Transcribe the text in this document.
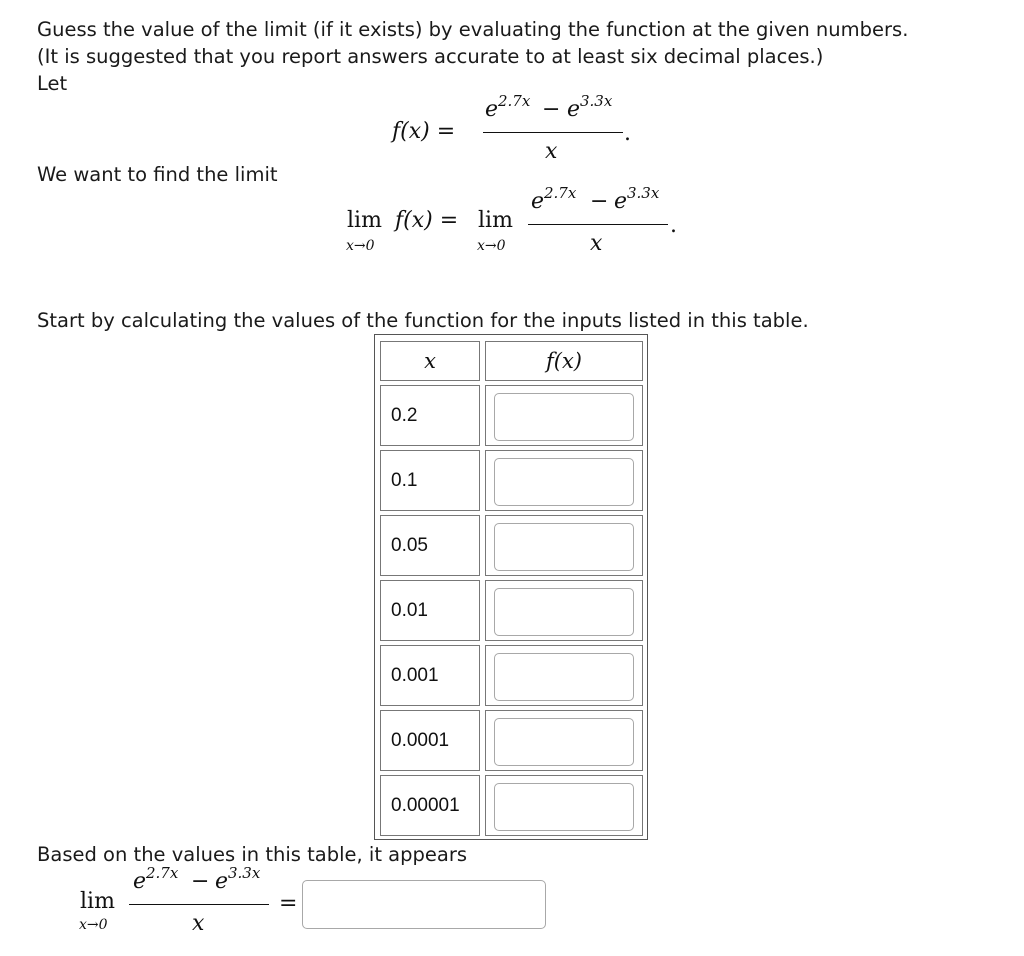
Guess the value of the limit (if it exists) by evaluating the function at the given numbers.
(It is suggested that you report answers accurate to at least six decimal places.)
Let
f(x) =
e 2.7x − e 3.3x
x
.
We want to find the limit
lim
x→0
f(x) = lim
x→0
e 2.7x − e 3.3x
x
.
Start by calculating the values of the function for the inputs listed in this table.
x	f(x)
0.2
0.1
0.05
0.01
0.001
0.0001
0.00001
Based on the values in this table, it appears
lim
x→0
e 2.7x − e 3.3x
x
=
